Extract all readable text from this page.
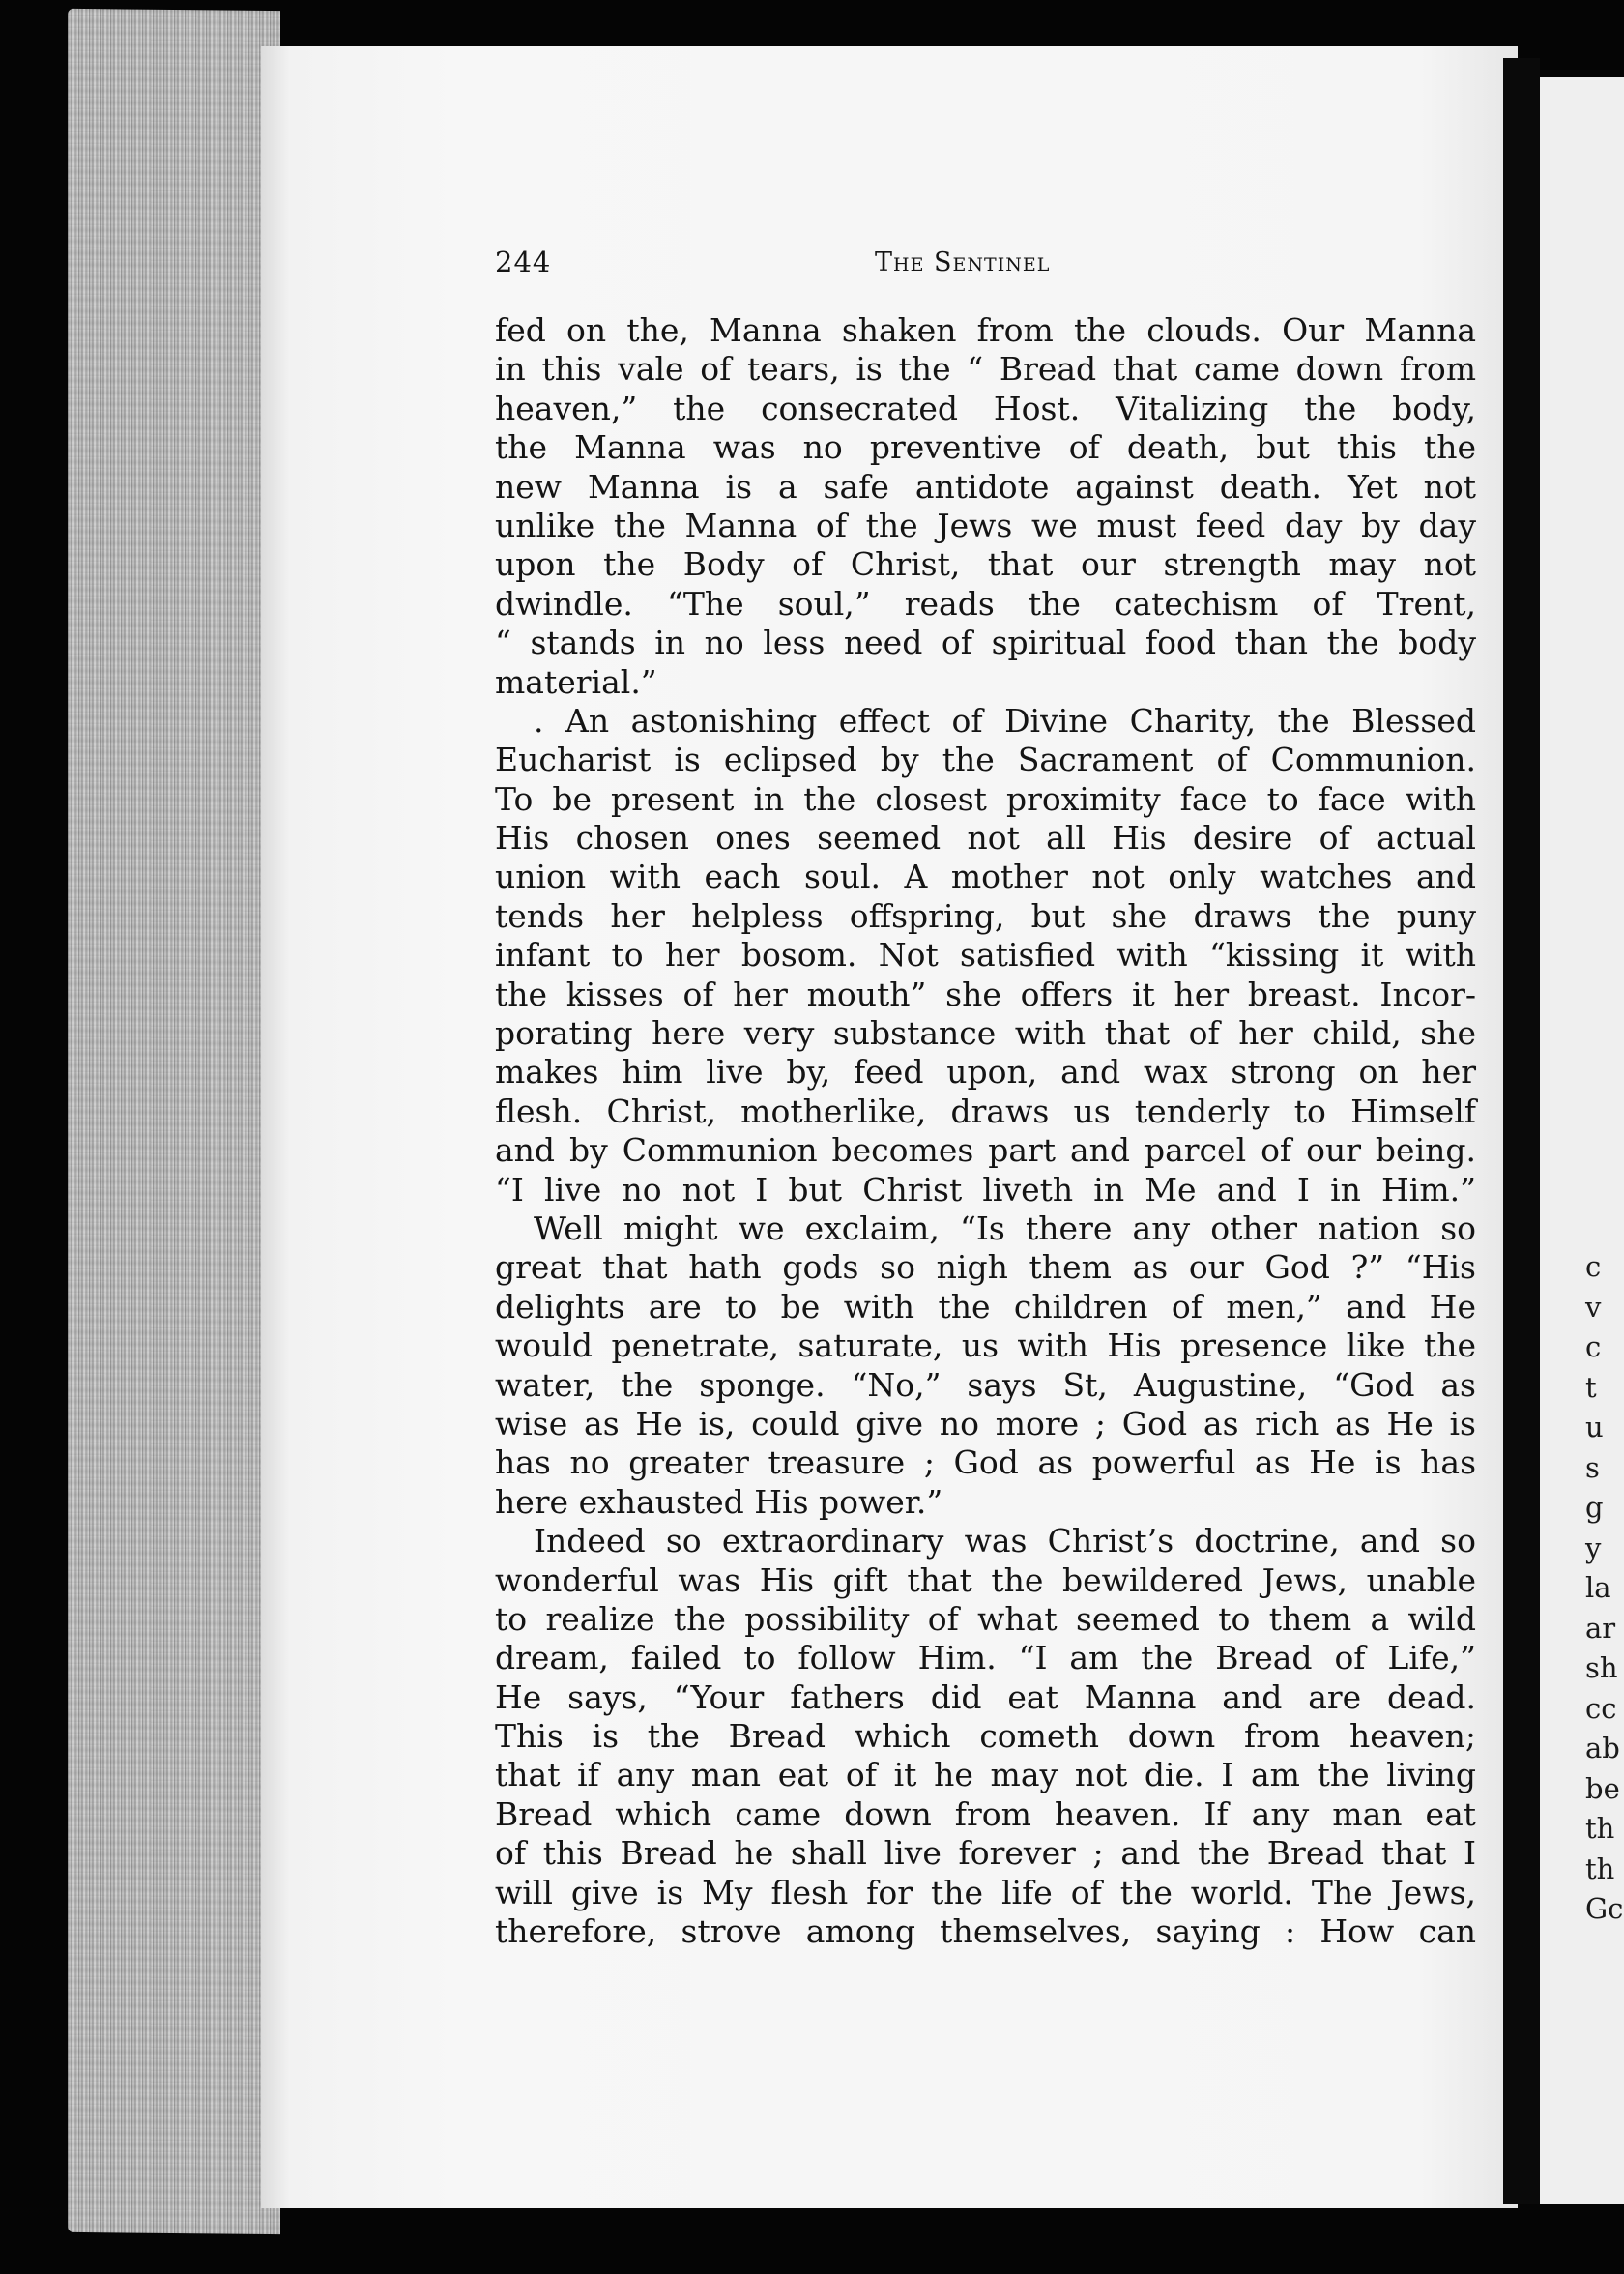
244	The Sentinel
fed on the, Manna shaken from the clouds. Our Manna
in this vale of tears, is the “ Bread that came down from
heaven,” the consecrated Host. Vitalizing the body,
the Manna was no preventive of death, but this the
new Manna is a safe antidote against death. Yet not
unlike the Manna of the Jews we must feed day by day
upon the Body of Christ, that our strength may not
dwindle. “The soul,” reads the catechism of Trent,
“ stands in no less need of spiritual food than the body
material.”
. An astonishing effect of Divine Charity, the Blessed
Eucharist is eclipsed by the Sacrament of Communion.
To be present in the closest proximity face to face with
His chosen ones seemed not all His desire of actual
union with each soul. A mother not only watches and
tends her helpless offspring, but she draws the puny
infant to her bosom. Not satisfied with “kissing it with
the kisses of her mouth” she offers it her breast. Incor-
porating here very substance with that of her child, she
makes him live by, feed upon, and wax strong on her
flesh. Christ, motherlike, draws us tenderly to Himself
and by Communion becomes part and parcel of our being.
“I live no not I but Christ liveth in Me and I in Him.”
Well might we exclaim, “Is there any other nation so
great that hath gods so nigh them as our God ?” “His
delights are to be with the children of men,” and He
would penetrate, saturate, us with His presence like the
water, the sponge. “No,” says St, Augustine, “God as
wise as He is, could give no more ; God as rich as He is
has no greater treasure ; God as powerful as He is has
here exhausted His power.”
Indeed so extraordinary was Christ’s doctrine, and so
wonderful was His gift that the bewildered Jews, unable
to realize the possibility of what seemed to them a wild
dream, failed to follow Him. “I am the Bread of Life,”
He says, “Your fathers did eat Manna and are dead.
This is the Bread which cometh down from heaven;
that if any man eat of it he may not die. I am the living
Bread which came down from heaven. If any man eat
of this Bread he shall live forever ; and the Bread that I
will give is My flesh for the life of the world. The Jews,
therefore, strove among themselves, saying : How can
c
v
c
t
u
s
g
y
la
ar
sh
cc
ab
be
th
th
Gc
